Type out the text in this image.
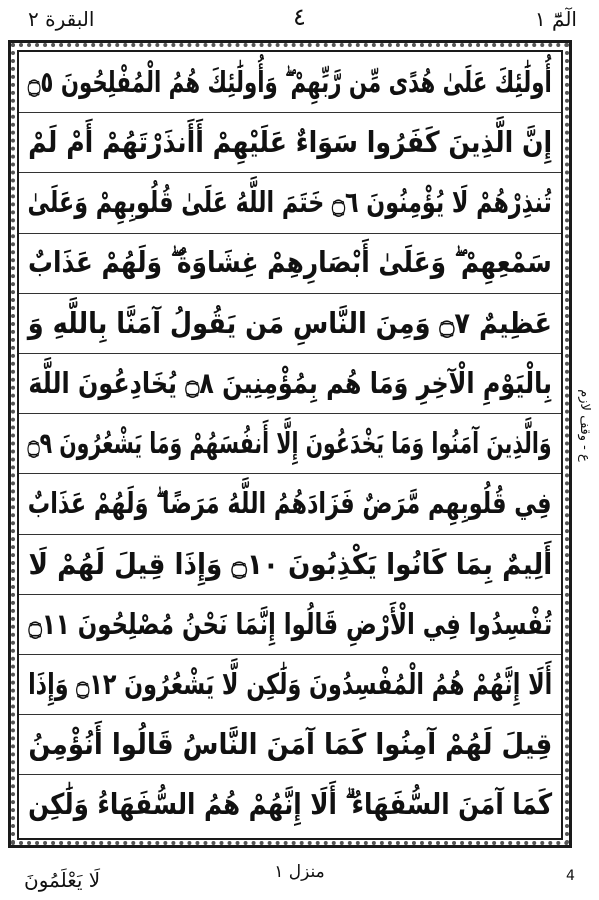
البقرة ٢	٤	الٓمّٓ ١
أُولَٰئِكَ عَلَىٰ هُدًى مِّن رَّبِّهِمْ ۖ وَأُولَٰئِكَ هُمُ الْمُفْلِحُونَ ۝٥
إِنَّ الَّذِينَ كَفَرُوا سَوَاءٌ عَلَيْهِمْ أَأَنذَرْتَهُمْ أَمْ لَمْ
تُنذِرْهُمْ لَا يُؤْمِنُونَ ۝٦ خَتَمَ اللَّهُ عَلَىٰ قُلُوبِهِمْ وَعَلَىٰ
سَمْعِهِمْ ۖ وَعَلَىٰ أَبْصَارِهِمْ غِشَاوَةٌ ۖ وَلَهُمْ عَذَابٌ
عَظِيمٌ ۝٧ وَمِنَ النَّاسِ مَن يَقُولُ آمَنَّا بِاللَّهِ وَ
بِالْيَوْمِ الْآخِرِ وَمَا هُم بِمُؤْمِنِينَ ۝٨ يُخَادِعُونَ اللَّهَ
وَالَّذِينَ آمَنُوا وَمَا يَخْدَعُونَ إِلَّا أَنفُسَهُمْ وَمَا يَشْعُرُونَ ۝٩
فِي قُلُوبِهِم مَّرَضٌ فَزَادَهُمُ اللَّهُ مَرَضًا ۖ وَلَهُمْ عَذَابٌ
أَلِيمٌ بِمَا كَانُوا يَكْذِبُونَ ۝١٠ وَإِذَا قِيلَ لَهُمْ لَا
تُفْسِدُوا فِي الْأَرْضِ قَالُوا إِنَّمَا نَحْنُ مُصْلِحُونَ ۝١١
أَلَا إِنَّهُمْ هُمُ الْمُفْسِدُونَ وَلَٰكِن لَّا يَشْعُرُونَ ۝١٢ وَإِذَا
قِيلَ لَهُمْ آمِنُوا كَمَا آمَنَ النَّاسُ قَالُوا أَنُؤْمِنُ
كَمَا آمَنَ السُّفَهَاءُ ۗ أَلَا إِنَّهُمْ هُمُ السُّفَهَاءُ وَلَٰكِن
ع - وقف لازم
لَا يَعْلَمُونَ	منزل ١	4
